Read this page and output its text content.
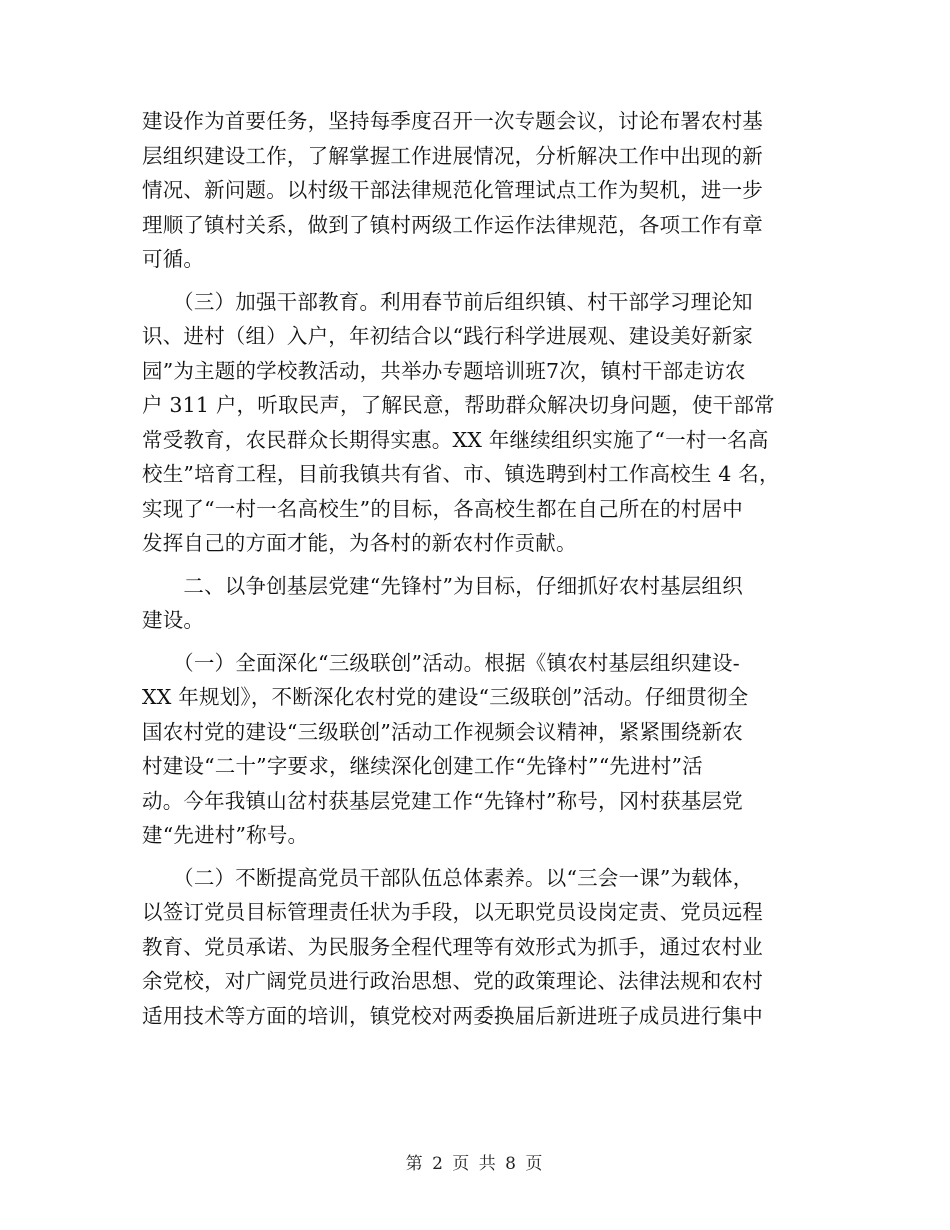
建设作为首要任务，坚持每季度召开一次专题会议，讨论布署农村基
层组织建设工作，了解掌握工作进展情况，分析解决工作中出现的新
情况、新问题。以村级干部法律规范化管理试点工作为契机，进一步
理顺了镇村关系，做到了镇村两级工作运作法律规范，各项工作有章
可循。
　　（三）加强干部教育。利用春节前后组织镇、村干部学习理论知
识、进村（组）入户，年初结合以“践行科学进展观、建设美好新家
园”为主题的学校教活动，共举办专题培训班7次，镇村干部走访农
户 311 户，听取民声，了解民意，帮助群众解决切身问题，使干部常
常受教育，农民群众长期得实惠。XX 年继续组织实施了“一村一名高
校生”培育工程，目前我镇共有省、市、镇选聘到村工作高校生 4 名，
实现了“一村一名高校生”的目标，各高校生都在自己所在的村居中
发挥自己的方面才能，为各村的新农村作贡献。
　　二、以争创基层党建“先锋村”为目标，仔细抓好农村基层组织
建设。
　　（一）全面深化“三级联创”活动。根据《镇农村基层组织建设-
XX 年规划》，不断深化农村党的建设“三级联创”活动。仔细贯彻全
国农村党的建设“三级联创”活动工作视频会议精神，紧紧围绕新农
村建设“二十”字要求，继续深化创建工作“先锋村”“先进村”活
动。今年我镇山岔村获基层党建工作“先锋村”称号，冈村获基层党
建“先进村”称号。
　　（二）不断提高党员干部队伍总体素养。以“三会一课”为载体，
以签订党员目标管理责任状为手段，以无职党员设岗定责、党员远程
教育、党员承诺、为民服务全程代理等有效形式为抓手，通过农村业
余党校，对广阔党员进行政治思想、党的政策理论、法律法规和农村
适用技术等方面的培训，镇党校对两委换届后新进班子成员进行集中
第 2 页 共 8 页
